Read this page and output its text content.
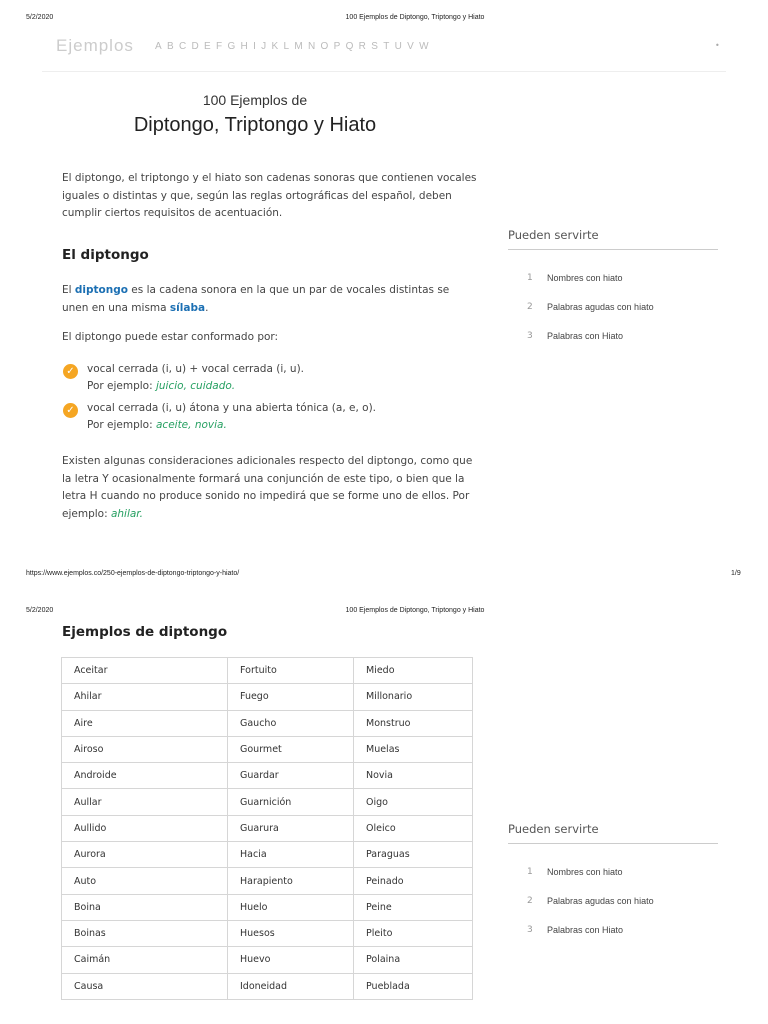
5/2/2020	100 Ejemplos de Diptongo, Triptongo y Hiato
Ejemplos ABCDEFGHIJKLMNOPQRSTUVW	•
100 Ejemplos de
Diptongo, Triptongo y Hiato
El diptongo, el triptongo y el hiato son cadenas sonoras que contienen vocales iguales o distintas y que, según las reglas ortográficas del español, deben cumplir ciertos requisitos de acentuación.
El diptongo
El diptongo es la cadena sonora en la que un par de vocales distintas se unen en una misma sílaba.
El diptongo puede estar conformado por:
✓	vocal cerrada (i, u) + vocal cerrada (i, u).
Por ejemplo: juicio, cuidado.
✓	vocal cerrada (i, u) átona y una abierta tónica (a, e, o).
Por ejemplo: aceite, novia.
Existen algunas consideraciones adicionales respecto del diptongo, como que la letra Y ocasionalmente formará una conjunción de este tipo, o bien que la letra H cuando no produce sonido no impedirá que se forme uno de ellos. Por ejemplo: ahilar.
Pueden servirte
1 Nombres con hiato
2 Palabras agudas con hiato
3 Palabras con Hiato
https://www.ejemplos.co/250-ejemplos-de-diptongo-triptongo-y-hiato/	1/9
5/2/2020	100 Ejemplos de Diptongo, Triptongo y Hiato
Ejemplos de diptongo
Aceitar	Fortuito	Miedo
Ahilar	Fuego	Millonario
Aire	Gaucho	Monstruo
Airoso	Gourmet	Muelas
Androide	Guardar	Novia
Aullar	Guarnición	Oigo
Aullido	Guarura	Oleico
Aurora	Hacia	Paraguas
Auto	Harapiento	Peinado
Boina	Huelo	Peine
Boinas	Huesos	Pleito
Caimán	Huevo	Polaina
Causa	Idoneidad	Pueblada
Pueden servirte
1 Nombres con hiato
2 Palabras agudas con hiato
3 Palabras con Hiato
